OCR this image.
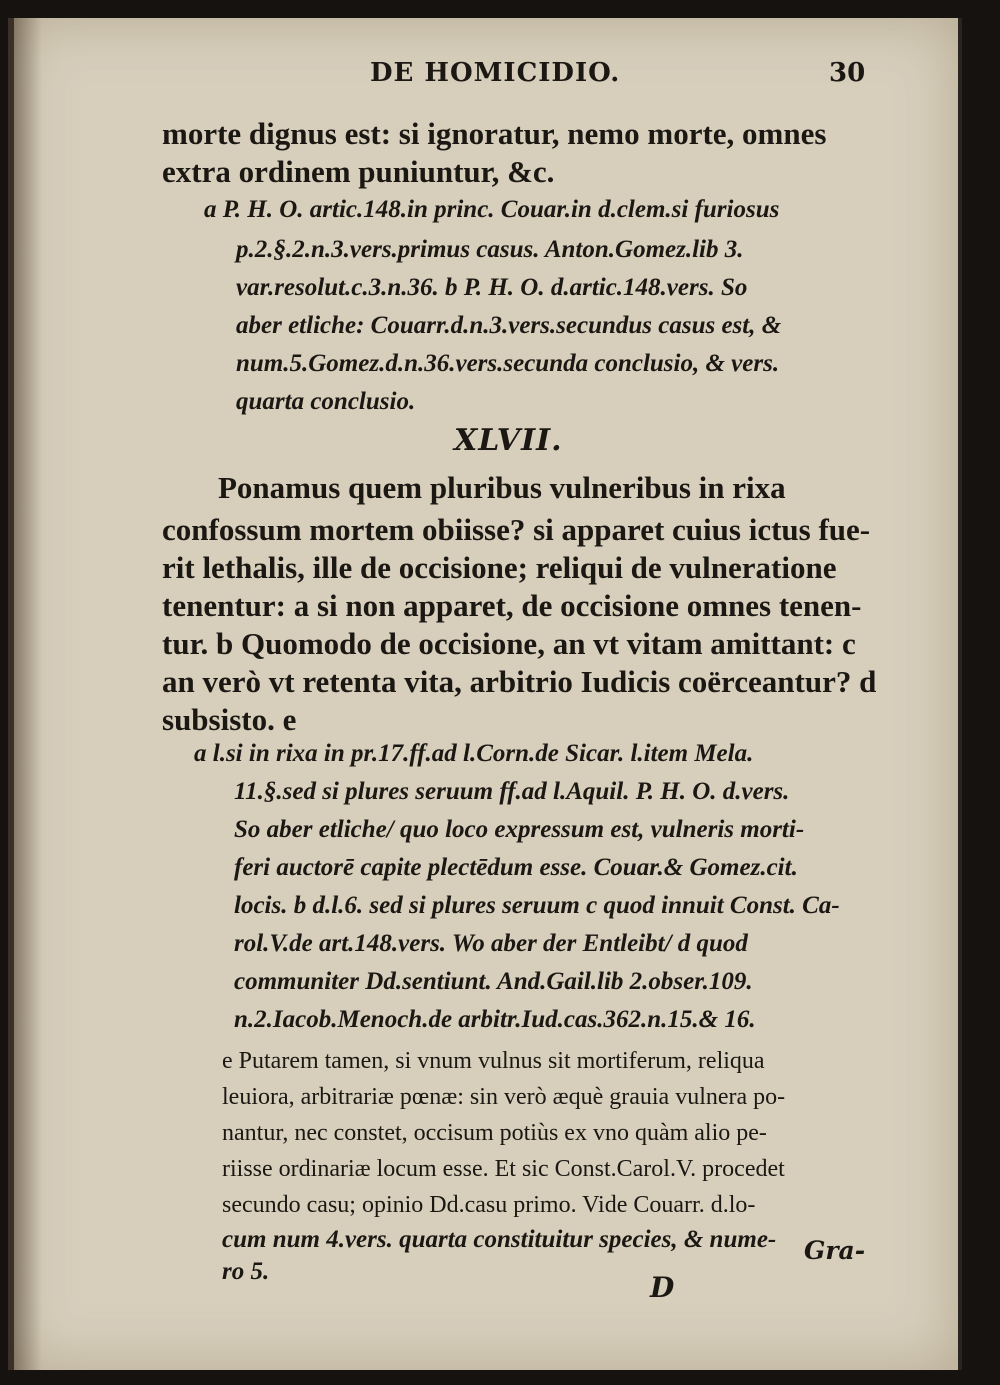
DE HOMICIDIO.	30
morte dignus est: si ignoratur, nemo morte, omnes
extra ordinem puniuntur, &c.
a P. H. O. artic.148.in princ. Couar.in d.clem.si furiosus
p.2.§.2.n.3.vers.primus casus. Anton.Gomez.lib 3.
var.resolut.c.3.n.36. b P. H. O. d.artic.148.vers. So
aber etliche: Couarr.d.n.3.vers.secundus casus est, &
num.5.Gomez.d.n.36.vers.secunda conclusio, & vers.
quarta conclusio.
XLVII.
Ponamus quem pluribus vulneribus in rixa
confossum mortem obiisse? si apparet cuius ictus fue-
rit lethalis, ille de occisione; reliqui de vulneratione
tenentur: a si non apparet, de occisione omnes tenen-
tur. b Quomodo de occisione, an vt vitam amittant: c
an verò vt retenta vita, arbitrio Iudicis coërceantur? d
subsisto. e
a l.si in rixa in pr.17.ff.ad l.Corn.de Sicar. l.item Mela.
11.§.sed si plures seruum ff.ad l.Aquil. P. H. O. d.vers.
So aber etliche/ quo loco expressum est, vulneris morti-
feri auctorē capite plectēdum esse. Couar.& Gomez.cit.
locis. b d.l.6. sed si plures seruum c quod innuit Const. Ca-
rol.V.de art.148.vers. Wo aber der Entleibt/ d quod
communiter Dd.sentiunt. And.Gail.lib 2.obser.109.
n.2.Iacob.Menoch.de arbitr.Iud.cas.362.n.15.& 16.
e Putarem tamen, si vnum vulnus sit mortiferum, reliqua
leuiora, arbitrariæ pœnæ: sin verò æquè grauia vulnera po-
nantur, nec constet, occisum potiùs ex vno quàm alio pe-
riisse ordinariæ locum esse. Et sic Const.Carol.V. procedet
secundo casu; opinio Dd.casu primo. Vide Couarr. d.lo-
cum num 4.vers. quarta constituitur species, & nume-
ro 5.
Gra-
D
